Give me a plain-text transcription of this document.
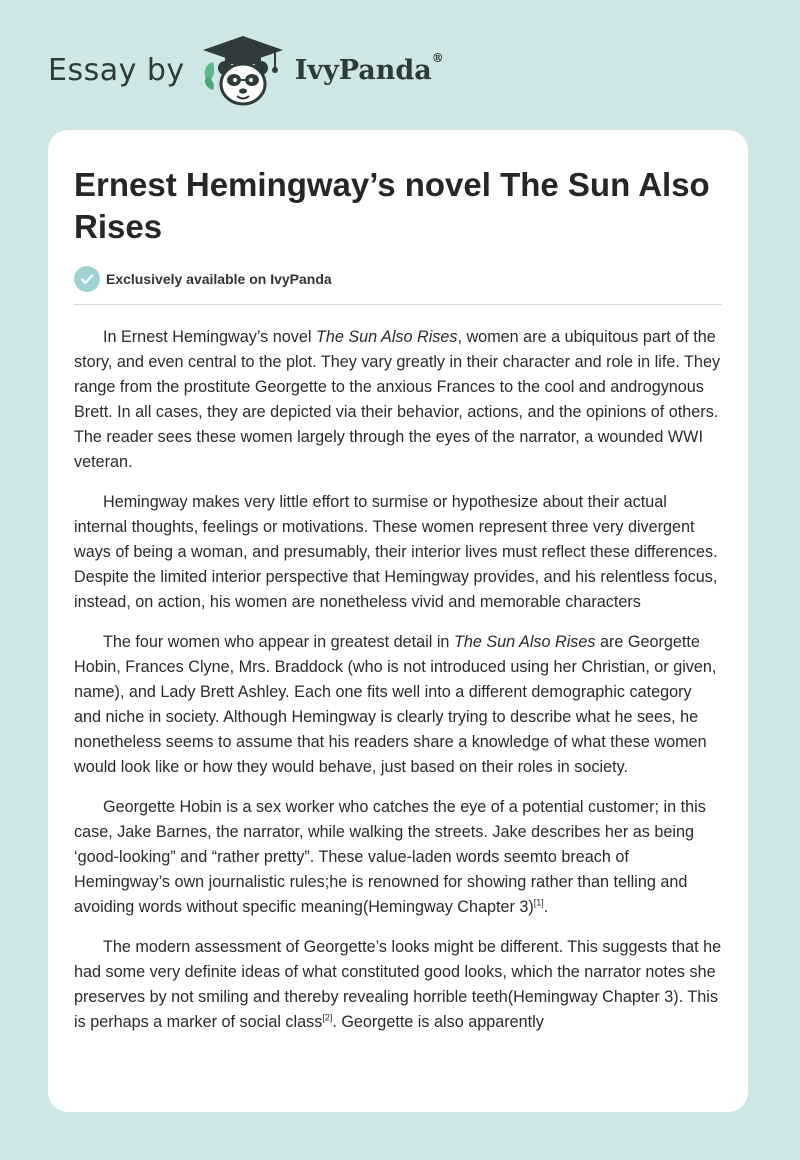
Essay by	IvyPanda®
Ernest Hemingway’s novel The Sun Also Rises
Exclusively available on IvyPanda

In Ernest Hemingway’s novel The Sun Also Rises, women are a ubiquitous part of the story, and even central to the plot. They vary greatly in their character and role in life. They range from the prostitute Georgette to the anxious Frances to the cool and androgynous Brett. In all cases, they are depicted via their behavior, actions, and the opinions of others. The reader sees these women largely through the eyes of the narrator, a wounded WWI veteran.

Hemingway makes very little effort to surmise or hypothesize about their actual internal thoughts, feelings or motivations. These women represent three very divergent ways of being a woman, and presumably, their interior lives must reflect these differences. Despite the limited interior perspective that Hemingway provides, and his relentless focus, instead, on action, his women are nonetheless vivid and memorable characters

The four women who appear in greatest detail in The Sun Also Rises are Georgette Hobin, Frances Clyne, Mrs. Braddock (who is not introduced using her Christian, or given, name), and Lady Brett Ashley. Each one fits well into a different demographic category and niche in society. Although Hemingway is clearly trying to describe what he sees, he nonetheless seems to assume that his readers share a knowledge of what these women would look like or how they would behave, just based on their roles in society.

Georgette Hobin is a sex worker who catches the eye of a potential customer; in this case, Jake Barnes, the narrator, while walking the streets. Jake describes her as being ‘good-looking” and “rather pretty”. These value-laden words seemto breach of Hemingway’s own journalistic rules;he is renowned for showing rather than telling and avoiding words without specific meaning(Hemingway Chapter 3)[1].

The modern assessment of Georgette’s looks might be different. This suggests that he had some very definite ideas of what constituted good looks, which the narrator notes she preserves by not smiling and thereby revealing horrible teeth(Hemingway Chapter 3). This is perhaps a marker of social class[2]. Georgette is also apparently
